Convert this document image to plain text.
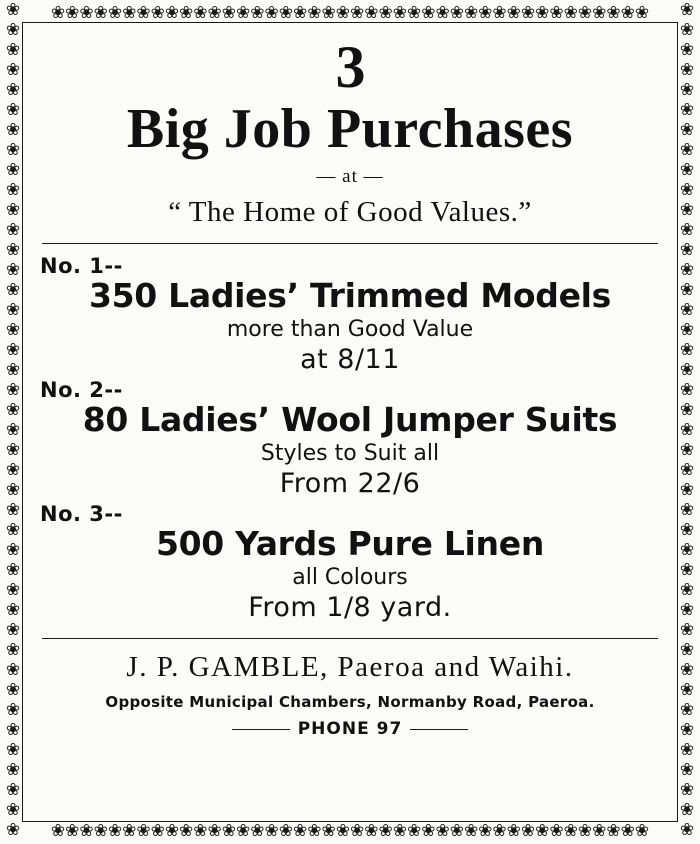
❀❀❀❀❀❀❀❀❀❀❀❀❀❀❀❀❀❀❀❀❀❀❀❀❀❀❀❀❀❀❀❀❀❀❀❀❀❀❀❀❀❀
❀❀❀❀❀❀❀❀❀❀❀❀❀❀❀❀❀❀❀❀❀❀❀❀❀❀❀❀❀❀❀❀❀❀❀❀❀❀❀❀❀❀
❀❀❀❀❀❀❀❀❀❀❀❀❀❀❀❀❀❀❀❀❀❀❀❀❀❀❀❀❀❀❀❀❀❀❀❀❀❀❀❀❀❀
❀❀❀❀❀❀❀❀❀❀❀❀❀❀❀❀❀❀❀❀❀❀❀❀❀❀❀❀❀❀❀❀❀❀❀❀❀❀❀❀❀❀
3
Big Job Purchases
— at —
“ The Home of Good Values.”
No. 1--
350 Ladies’ Trimmed Models
more than Good Value
at 8/11
No. 2--
80 Ladies’ Wool Jumper Suits
Styles to Suit all
From 22/6
No. 3--
500 Yards Pure Linen
all Colours
From 1/8 yard.
J. P. GAMBLE, Paeroa and Waihi.
Opposite Municipal Chambers, Normanby Road, Paeroa.
PHONE 97
